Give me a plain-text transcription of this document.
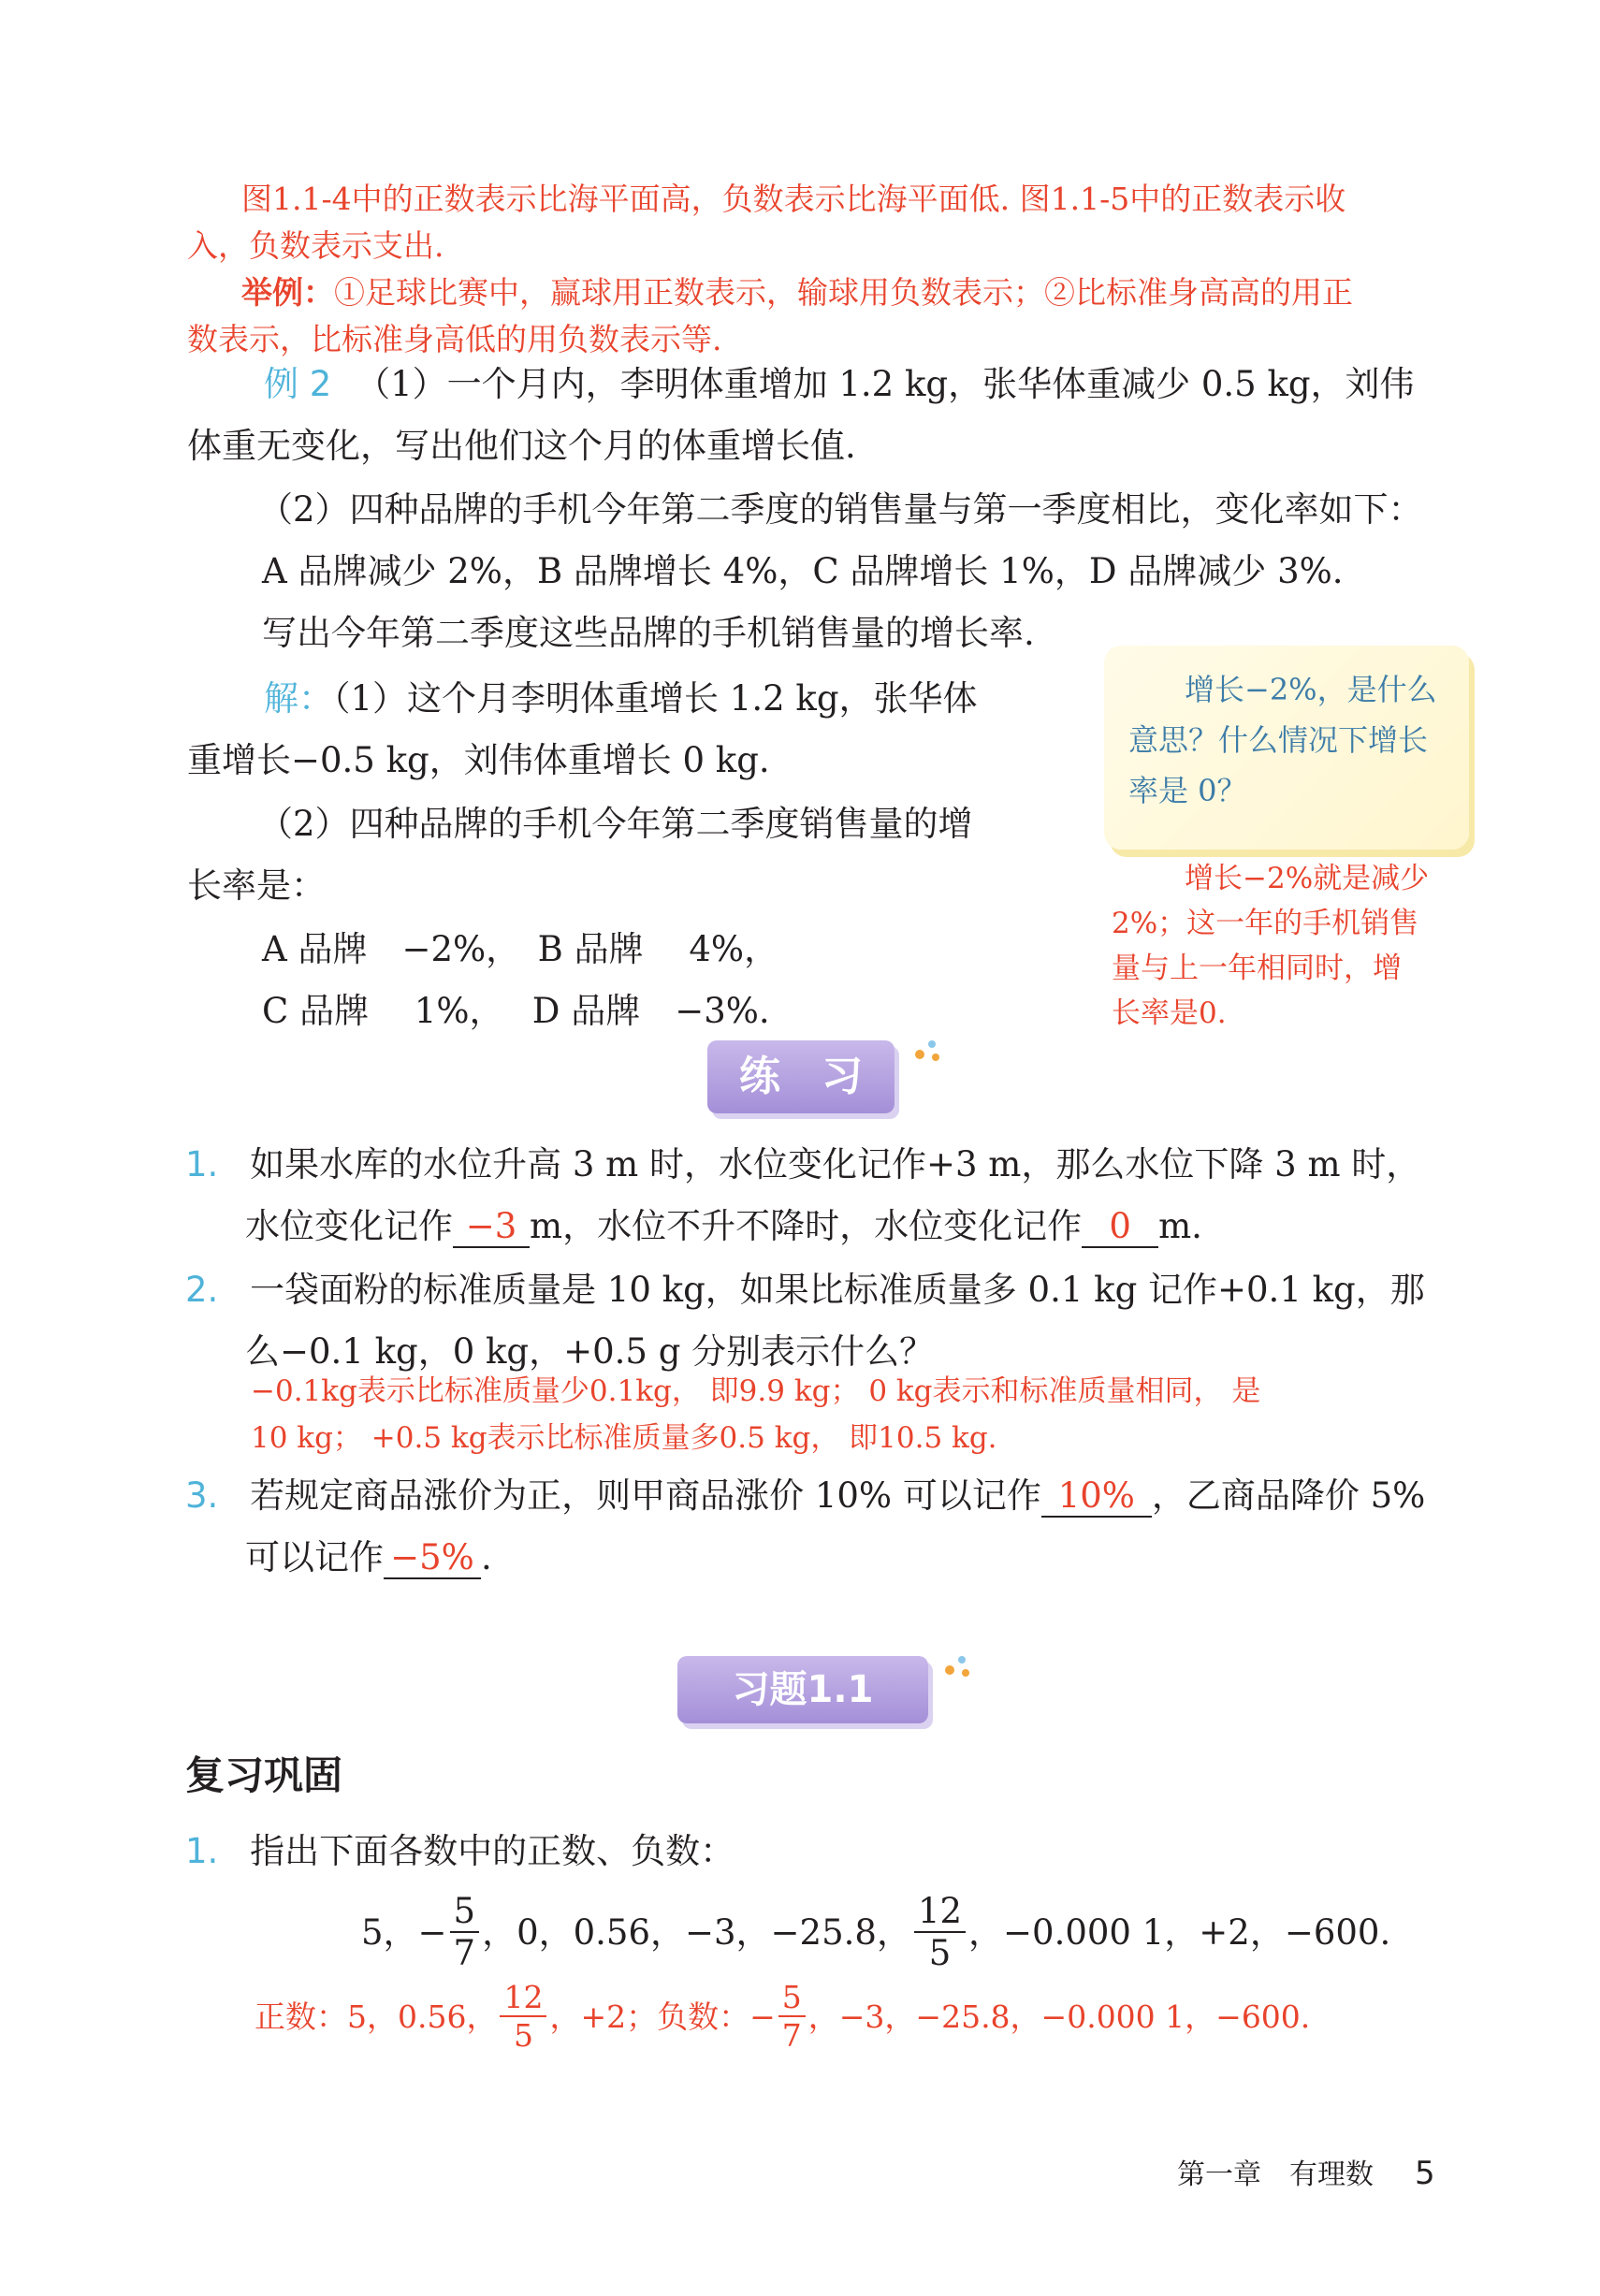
图1.1-4中的正数表示比海平面高，负数表示比海平面低. 图1.1-5中的正数表示收

入，负数表示支出.

举例：①足球比赛中，赢球用正数表示，输球用负数表示；②比标准身高高的用正

数表示，比标准身高低的用负数表示等.

例 2 （1）一个月内，李明体重增加 1.2 kg，张华体重减少 0.5 kg，刘伟

体重无变化，写出他们这个月的体重增长值.

（2）四种品牌的手机今年第二季度的销售量与第一季度相比，变化率如下：

A 品牌减少 2%，B 品牌增长 4%，C 品牌增长 1%，D 品牌减少 3%.

写出今年第二季度这些品牌的手机销售量的增长率.

解：（1）这个月李明体重增长 1.2 kg，张华体

重增长−0.5 kg，刘伟体重增长 0 kg.

（2）四种品牌的手机今年第二季度销售量的增

长率是：

A 品牌　−2%，　B 品牌　 4%，

C 品牌　 1%，　 D 品牌　−3%.

增长−2%，是什么意思？什么情况下增长率是 0？

增长−2%就是减少

2%；这一年的手机销售

量与上一年相同时，增

长率是0.

练　习

1. 如果水库的水位升高 3 m 时，水位变化记作+3 m，那么水位下降 3 m 时，

水位变化记作 −3 m，水位不升不降时，水位变化记作 0 m.

2. 一袋面粉的标准质量是 10 kg，如果比标准质量多 0.1 kg 记作+0.1 kg，那

么−0.1 kg，0 kg，+0.5 g 分别表示什么？

−0.1kg表示比标准质量少0.1kg， 即9.9 kg； 0 kg表示和标准质量相同， 是

10 kg； +0.5 kg表示比标准质量多0.5 kg， 即10.5 kg.

3. 若规定商品涨价为正，则甲商品涨价 10% 可以记作 10% ，乙商品降价 5%

可以记作 −5% .

习题1.1

复习巩固

1. 指出下面各数中的正数、负数：

5，− $\frac{5}{7}$ ，0，0.56，−3，−25.8， $\frac{12}{5}$ ，−0.000 1，+2，−600.
正数：5，0.56， $\frac{12}{5}$ ，+2；负数：− $\frac{5}{7}$ ，−3，−25.8，−0.000 1，−600.

第一章　有理数 5
